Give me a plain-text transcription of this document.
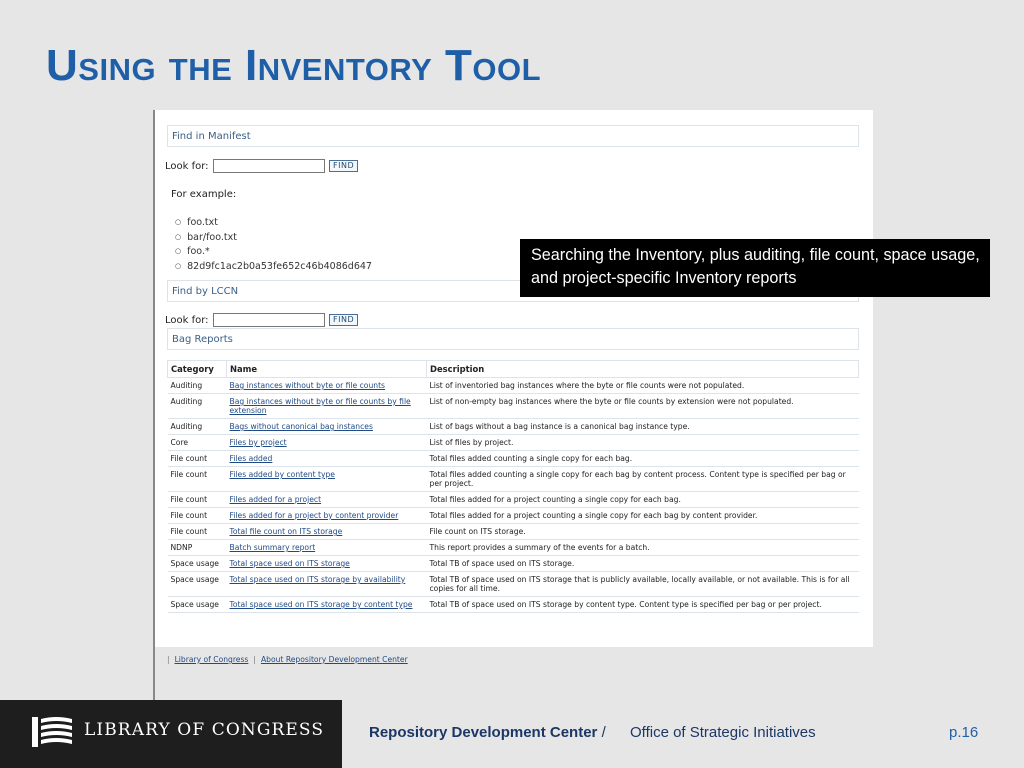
Using the Inventory Tool
Find in Manifest
Look for:	FIND
For example:
○ foo.txt
○ bar/foo.txt
○ foo.*
○ 82d9fc1ac2b0a53fe652c46b4086d647
Find by LCCN
Look for:	FIND
Bag Reports
Category	Name	Description
Auditing	Bag instances without byte or file counts	List of inventoried bag instances where the byte or file counts were not populated.
Auditing	Bag instances without byte or file counts by file extension	List of non-empty bag instances where the byte or file counts by extension were not populated.
Auditing	Bags without canonical bag instances	List of bags without a bag instance is a canonical bag instance type.
Core	Files by project	List of files by project.
File count	Files added	Total files added counting a single copy for each bag.
File count	Files added by content type	Total files added counting a single copy for each bag by content process. Content type is specified per bag or per project.
File count	Files added for a project	Total files added for a project counting a single copy for each bag.
File count	Files added for a project by content provider	Total files added for a project counting a single copy for each bag by content provider.
File count	Total file count on ITS storage	File count on ITS storage.
NDNP	Batch summary report	This report provides a summary of the events for a batch.
Space usage	Total space used on ITS storage	Total TB of space used on ITS storage.
Space usage	Total space used on ITS storage by availability	Total TB of space used on ITS storage that is publicly available, locally available, or not available. This is for all copies for all time.
Space usage	Total space used on ITS storage by content type	Total TB of space used on ITS storage by content type. Content type is specified per bag or per project.
| Library of Congress | About Repository Development Center
Searching the Inventory, plus auditing, file count, space usage, and project-specific Inventory reports
LIBRARY OF CONGRESS	Repository Development Center / Office of Strategic Initiatives	p.16
